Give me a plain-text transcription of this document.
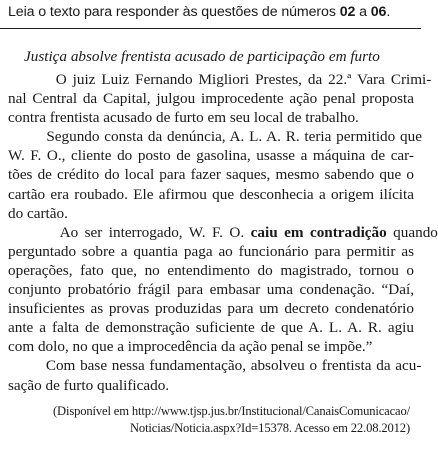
Leia o texto para responder às questões de números 02 a 06.
Justiça absolve frentista acusado de participação em furto
O juiz Luiz Fernando Migliori Prestes, da 22.ª Vara Crimi-
nal Central da Capital, julgou improcedente ação penal proposta
contra frentista acusado de furto em seu local de trabalho.
Segundo consta da denúncia, A. L. A. R. teria permitido que
W. F. O., cliente do posto de gasolina, usasse a máquina de car-
tões de crédito do local para fazer saques, mesmo sabendo que o
cartão era roubado. Ele afirmou que desconhecia a origem ilícita
do cartão.
Ao ser interrogado, W. F. O. caiu em contradição quando
perguntado sobre a quantia paga ao funcionário para permitir as
operações, fato que, no entendimento do magistrado, tornou o
conjunto probatório frágil para embasar uma condenação. “Daí,
insuficientes as provas produzidas para um decreto condenatório
ante a falta de demonstração suficiente de que A. L. A. R. agiu
com dolo, no que a improcedência da ação penal se impõe.”
Com base nessa fundamentação, absolveu o frentista da acu-
sação de furto qualificado.
(Disponível em http://www.tjsp.jus.br/Institucional/CanaisComunicacao/
Noticias/Noticia.aspx?Id=15378. Acesso em 22.08.2012)
